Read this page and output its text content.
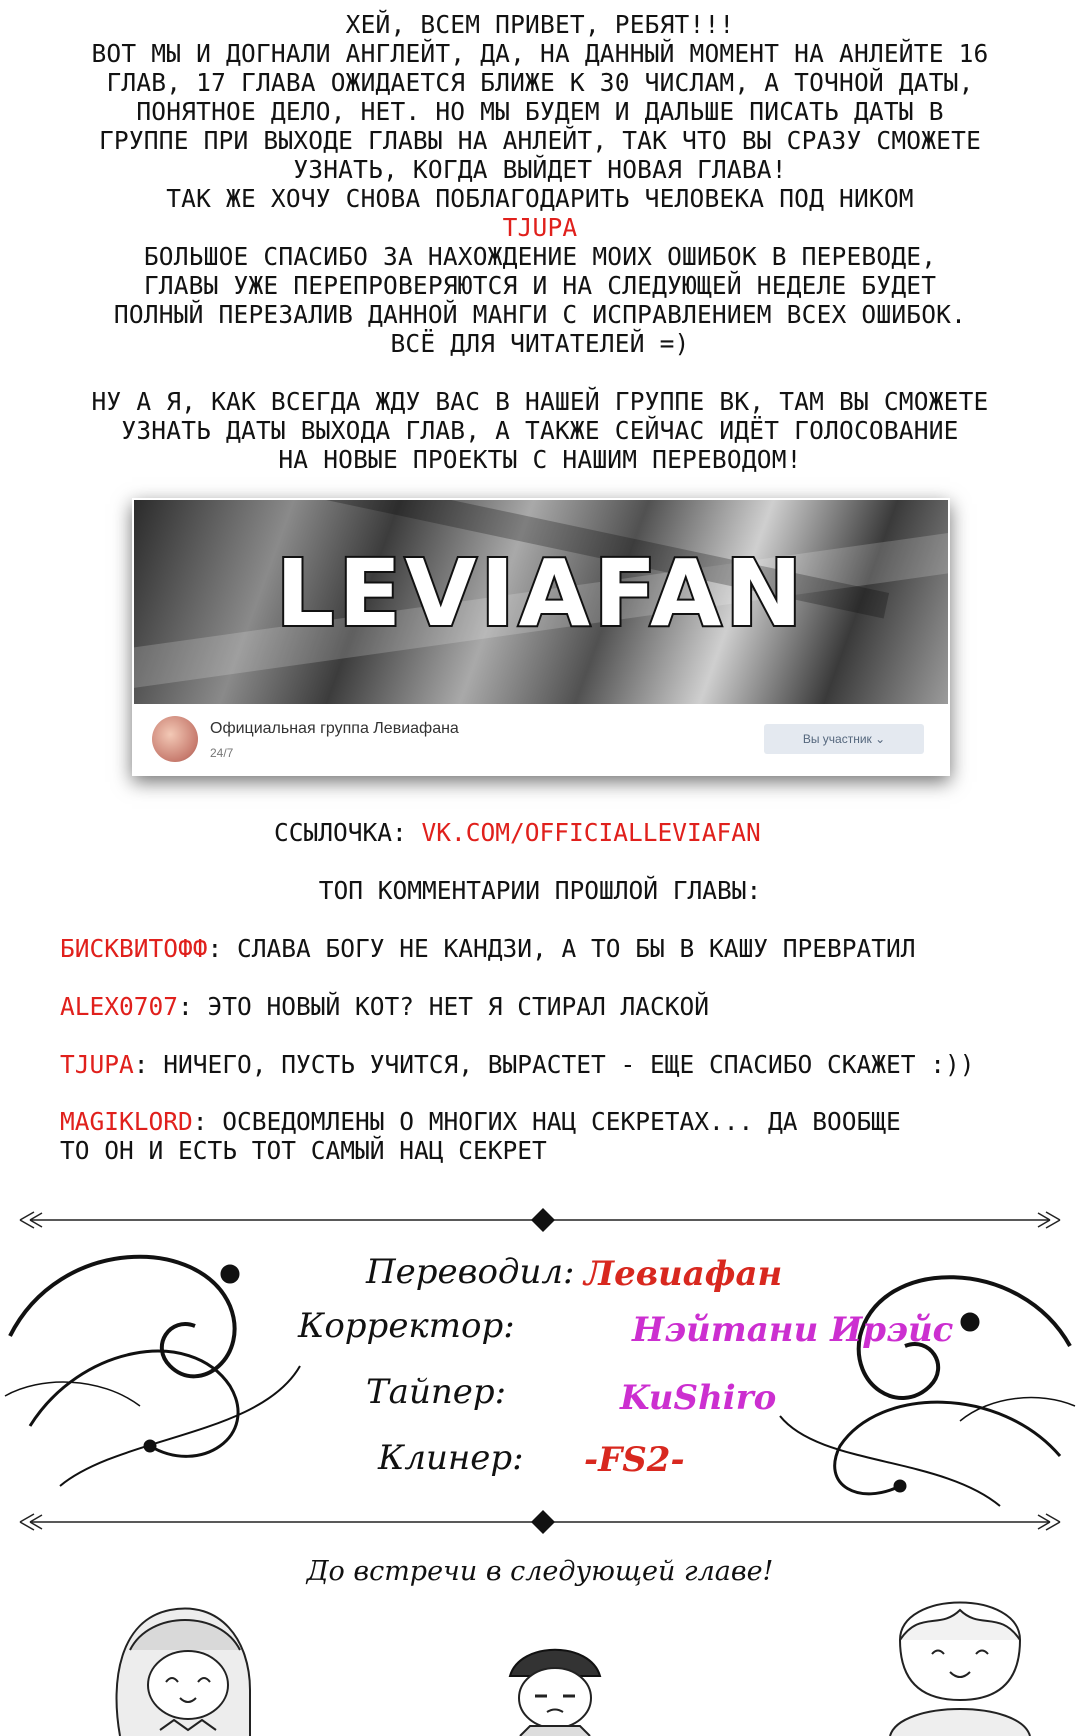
ХЕЙ, ВСЕМ ПРИВЕТ, РЕБЯТ!!!

ВОТ МЫ И ДОГНАЛИ АНГЛЕЙТ, ДА, НА ДАННЫЙ МОМЕНТ НА АНЛЕЙТЕ 16

ГЛАВ, 17 ГЛАВА ОЖИДАЕТСЯ БЛИЖЕ К 30 ЧИСЛАМ, А ТОЧНОЙ ДАТЫ,

ПОНЯТНОЕ ДЕЛО, НЕТ. НО МЫ БУДЕМ И ДАЛЬШЕ ПИСАТЬ ДАТЫ В

ГРУППЕ ПРИ ВЫХОДЕ ГЛАВЫ НА АНЛЕЙТ, ТАК ЧТО ВЫ СРАЗУ СМОЖЕТЕ

УЗНАТЬ, КОГДА ВЫЙДЕТ НОВАЯ ГЛАВА!

ТАК ЖЕ ХОЧУ СНОВА ПОБЛАГОДАРИТЬ ЧЕЛОВЕКА ПОД НИКОМ

TJUPA

БОЛЬШОЕ СПАСИБО ЗА НАХОЖДЕНИЕ МОИХ ОШИБОК В ПЕРЕВОДЕ,

ГЛАВЫ УЖЕ ПЕРЕПРОВЕРЯЮТСЯ И НА СЛЕДУЮЩЕЙ НЕДЕЛЕ БУДЕТ

ПОЛНЫЙ ПЕРЕЗАЛИВ ДАННОЙ МАНГИ С ИСПРАВЛЕНИЕМ ВСЕХ ОШИБОК.

ВСЁ ДЛЯ ЧИТАТЕЛЕЙ =)

НУ А Я, КАК ВСЕГДА ЖДУ ВАС В НАШЕЙ ГРУППЕ ВК, ТАМ ВЫ СМОЖЕТЕ

УЗНАТЬ ДАТЫ ВЫХОДА ГЛАВ, А ТАКЖЕ СЕЙЧАС ИДЁТ ГОЛОСОВАНИЕ

НА НОВЫЕ ПРОЕКТЫ С НАШИМ ПЕРЕВОДОМ!

LEVIAFAN
Официальная группа Левиафана
24/7
Вы участник ⌄
ССЫЛОЧКА: VK.COM/OFFICIALLEVIAFAN
ТОП КОММЕНТАРИИ ПРОШЛОЙ ГЛАВЫ:
БИСКВИТОФФ: СЛАВА БОГУ НЕ КАНДЗИ, А ТО БЫ В КАШУ ПРЕВРАТИЛ
ALEX0707: ЭТО НОВЫЙ КОТ? НЕТ Я СТИРАЛ ЛАСКОЙ
TJUPA: НИЧЕГО, ПУСТЬ УЧИТСЯ, ВЫРАСТЕТ - ЕЩЕ СПАСИБО СКАЖЕТ :))
MAGIKLORD: ОСВЕДОМЛЕНЫ О МНОГИХ НАЦ СЕКРЕТАХ... ДА ВООБЩЕ
ТО ОН И ЕСТЬ ТОТ САМЫЙ НАЦ СЕКРЕТ
Переводил: Левиафан
Корректор:	Нэйтани Ирэйс
Тайпер:	KuShiro
Клинер: -FS2-
До встречи в следующей главе!
